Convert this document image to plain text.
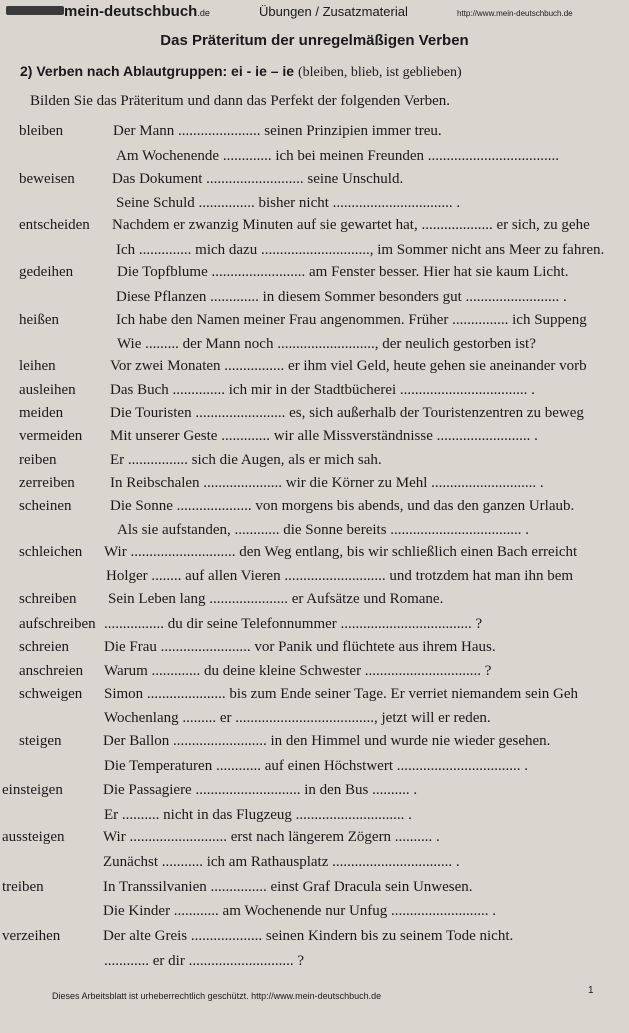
mein-deutschbuch.de	Übungen / Zusatzmaterial	http://www.mein-deutschbuch.de
Das Präteritum der unregelmäßigen Verben
2) Verben nach Ablautgruppen: ei - ie – ie (bleiben, blieb, ist geblieben)
Bilden Sie das Präteritum und dann das Perfekt der folgenden Verben.
bleiben	Der Mann ...................... seinen Prinzipien immer treu.
Am Wochenende ............. ich bei meinen Freunden ...................................
beweisen Das Dokument .......................... seine Unschuld.
Seine Schuld ............... bisher nicht ................................ .
entscheiden Nachdem er zwanzig Minuten auf sie gewartet hat, ................... er sich, zu gehe
Ich .............. mich dazu ............................., im Sommer nicht ans Meer zu fahren.
gedeihen	Die Topfblume ......................... am Fenster besser. Hier hat sie kaum Licht.
Diese Pflanzen ............. in diesem Sommer besonders gut ......................... .
heißen	Ich habe den Namen meiner Frau angenommen. Früher ............... ich Suppeng
Wie ......... der Mann noch .........................., der neulich gestorben ist?
leihen	Vor zwei Monaten ................ er ihm viel Geld, heute gehen sie aneinander vorb
ausleihen Das Buch .............. ich mir in der Stadtbücherei .................................. .
meiden	Die Touristen ........................ es, sich außerhalb der Touristenzentren zu beweg
vermeiden Mit unserer Geste ............. wir alle Missverständnisse ......................... .
reiben	Er ................ sich die Augen, als er mich sah.
zerreiben In Reibschalen ..................... wir die Körner zu Mehl ............................ .
scheinen	Die Sonne .................... von morgens bis abends, und das den ganzen Urlaub.
Als sie aufstanden, ............ die Sonne bereits ................................... .
schleichen Wir ............................ den Weg entlang, bis wir schließlich einen Bach erreicht
Holger ........ auf allen Vieren ........................... und trotzdem hat man ihn bem
schreiben Sein Leben lang ..................... er Aufsätze und Romane.
aufschreiben ................ du dir seine Telefonnummer ................................... ?
schreien Die Frau ........................ vor Panik und flüchtete aus ihrem Haus.
anschreien Warum ............. du deine kleine Schwester ............................... ?
schweigen Simon ..................... bis zum Ende seiner Tage. Er verriet niemandem sein Geh
Wochenlang ......... er ....................................., jetzt will er reden.
steigen	Der Ballon ......................... in den Himmel und wurde nie wieder gesehen.
Die Temperaturen ............ auf einen Höchstwert ................................. .
einsteigen	Die Passagiere ............................ in den Bus .......... .
Er .......... nicht in das Flugzeug ............................. .
aussteigen	Wir .......................... erst nach längerem Zögern .......... .
Zunächst ........... ich am Rathausplatz ................................ .
treiben	In Transsilvanien ............... einst Graf Dracula sein Unwesen.
Die Kinder ............ am Wochenende nur Unfug .......................... .
verzeihen	Der alte Greis ................... seinen Kindern bis zu seinem Tode nicht.
............ er dir ............................ ?
Dieses Arbeitsblatt ist urheberrechtlich geschützt. http://www.mein-deutschbuch.de	1
